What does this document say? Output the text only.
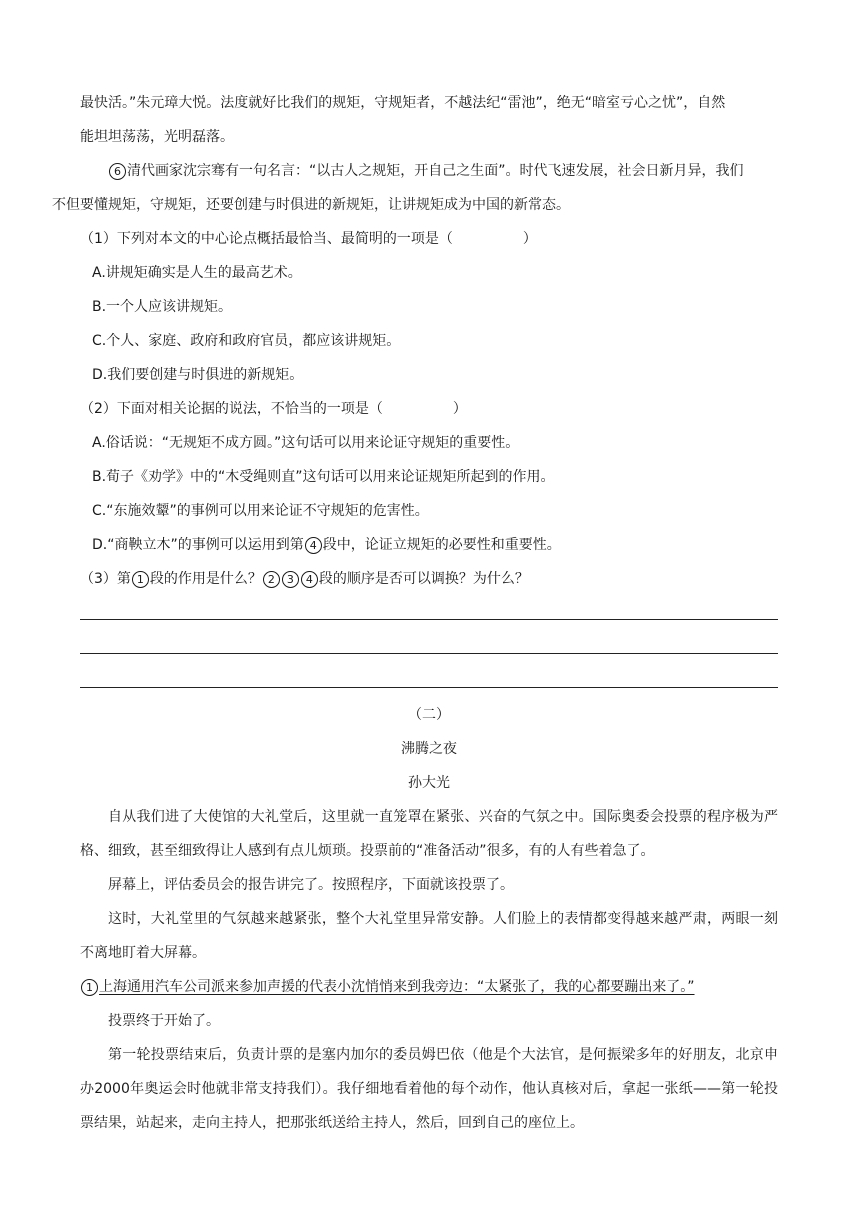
最快活。”朱元璋大悦。法度就好比我们的规矩，守规矩者，不越法纪“雷池”，绝无“暗室亏心之忧”，自然
能坦坦荡荡，光明磊落。

6 清代画家沈宗骞有一句名言：“以古人之规矩，开自己之生面”。时代飞速发展，社会日新月异，我们
不但要懂规矩，守规矩，还要创建与时俱进的新规矩，让讲规矩成为中国的新常态。

（1）下列对本文的中心论点概括最恰当、最简明的一项是（　　　　　）

A.讲规矩确实是人生的最高艺术。

B.一个人应该讲规矩。

C.个人、家庭、政府和政府官员，都应该讲规矩。

D.我们要创建与时俱进的新规矩。

（2）下面对相关论据的说法，不恰当的一项是（　　　　　）

A.俗话说：“无规矩不成方圆。”这句话可以用来论证守规矩的重要性。

B.荀子《劝学》中的“木受绳则直”这句话可以用来论证规矩所起到的作用。

C.“东施效颦”的事例可以用来论证不守规矩的危害性。

D.“商鞅立木”的事例可以运用到第 4 段中，论证立规矩的必要性和重要性。

（3）第 1 段的作用是什么？ 2 3 4 段的顺序是否可以调换？为什么？

（二）

沸腾之夜

孙大光

自从我们进了大使馆的大礼堂后，这里就一直笼罩在紧张、兴奋的气氛之中。国际奥委会投票的程序极为严格、细致，甚至细致得让人感到有点儿烦琐。投票前的“准备活动”很多，有的人有些着急了。

屏幕上，评估委员会的报告讲完了。按照程序，下面就该投票了。

这时，大礼堂里的气氛越来越紧张，整个大礼堂里异常安静。人们脸上的表情都变得越来越严肃，两眼一刻不离地盯着大屏幕。

1 上海通用汽车公司派来参加声援的代表小沈悄悄来到我旁边：“太紧张了，我的心都要蹦出来了。”

投票终于开始了。

第一轮投票结束后，负责计票的是塞内加尔的委员姆巴依（他是个大法官，是何振梁多年的好朋友，北京申办2000年奥运会时他就非常支持我们）。我仔细地看着他的每个动作，他认真核对后，拿起一张纸——第一轮投票结果，站起来，走向主持人，把那张纸送给主持人，然后，回到自己的座位上。
